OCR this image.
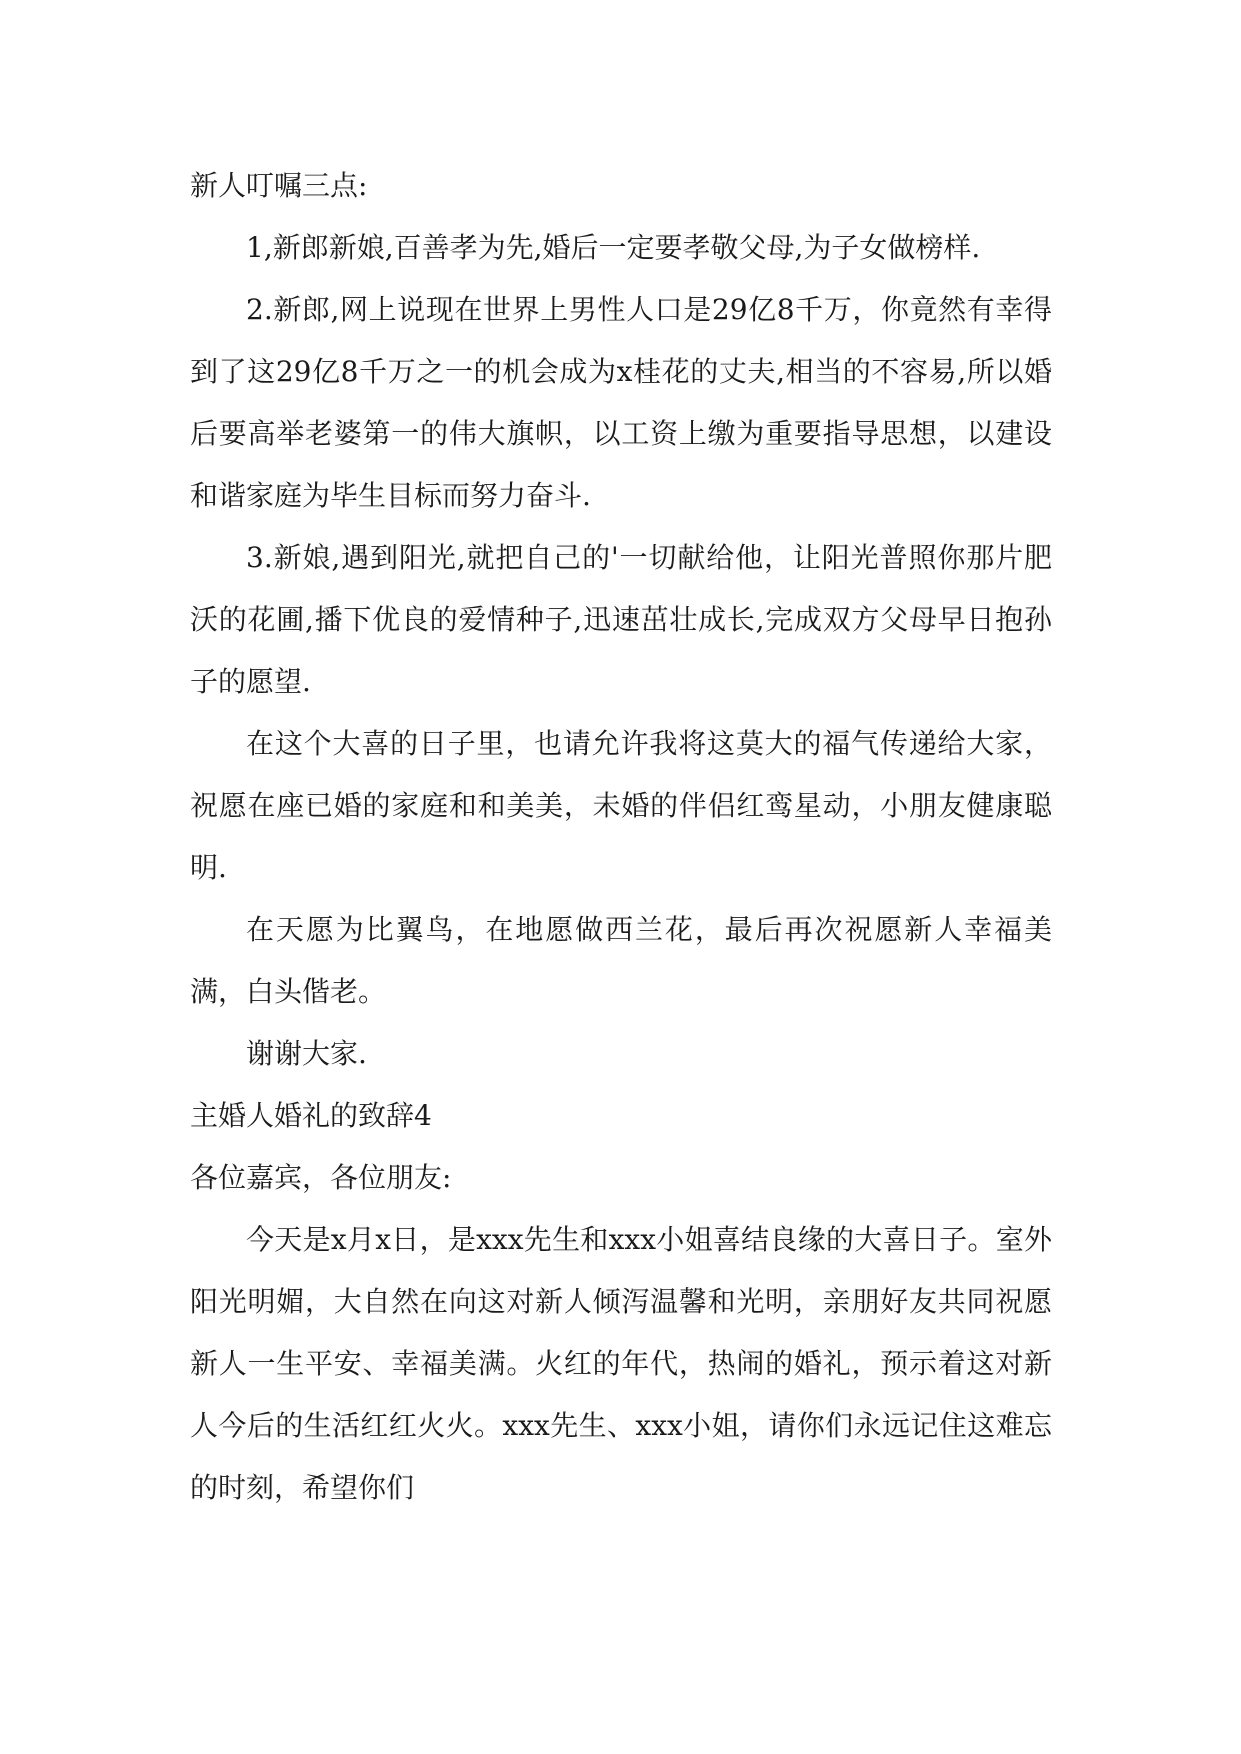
新人叮嘱三点:

1,新郎新娘,百善孝为先,婚后一定要孝敬父母,为子女做榜样.

2.新郎,网上说现在世界上男性人口是29亿8千万，你竟然有幸得到了这29亿8千万之一的机会成为x桂花的丈夫,相当的不容易,所以婚后要高举老婆第一的伟大旗帜，以工资上缴为重要指导思想，以建设和谐家庭为毕生目标而努力奋斗.

3.新娘,遇到阳光,就把自己的'一切献给他，让阳光普照你那片肥沃的花圃,播下优良的爱情种子,迅速茁壮成长,完成双方父母早日抱孙子的愿望.

在这个大喜的日子里，也请允许我将这莫大的福气传递给大家，祝愿在座已婚的家庭和和美美，未婚的伴侣红鸾星动，小朋友健康聪明.

在天愿为比翼鸟，在地愿做西兰花，最后再次祝愿新人幸福美满，白头偕老。

谢谢大家.

主婚人婚礼的致辞4

各位嘉宾，各位朋友:

今天是x月x日，是xxx先生和xxx小姐喜结良缘的大喜日子。室外阳光明媚，大自然在向这对新人倾泻温馨和光明，亲朋好友共同祝愿新人一生平安、幸福美满。火红的年代，热闹的婚礼，预示着这对新人今后的生活红红火火。xxx先生、xxx小姐，请你们永远记住这难忘的时刻，希望你们
